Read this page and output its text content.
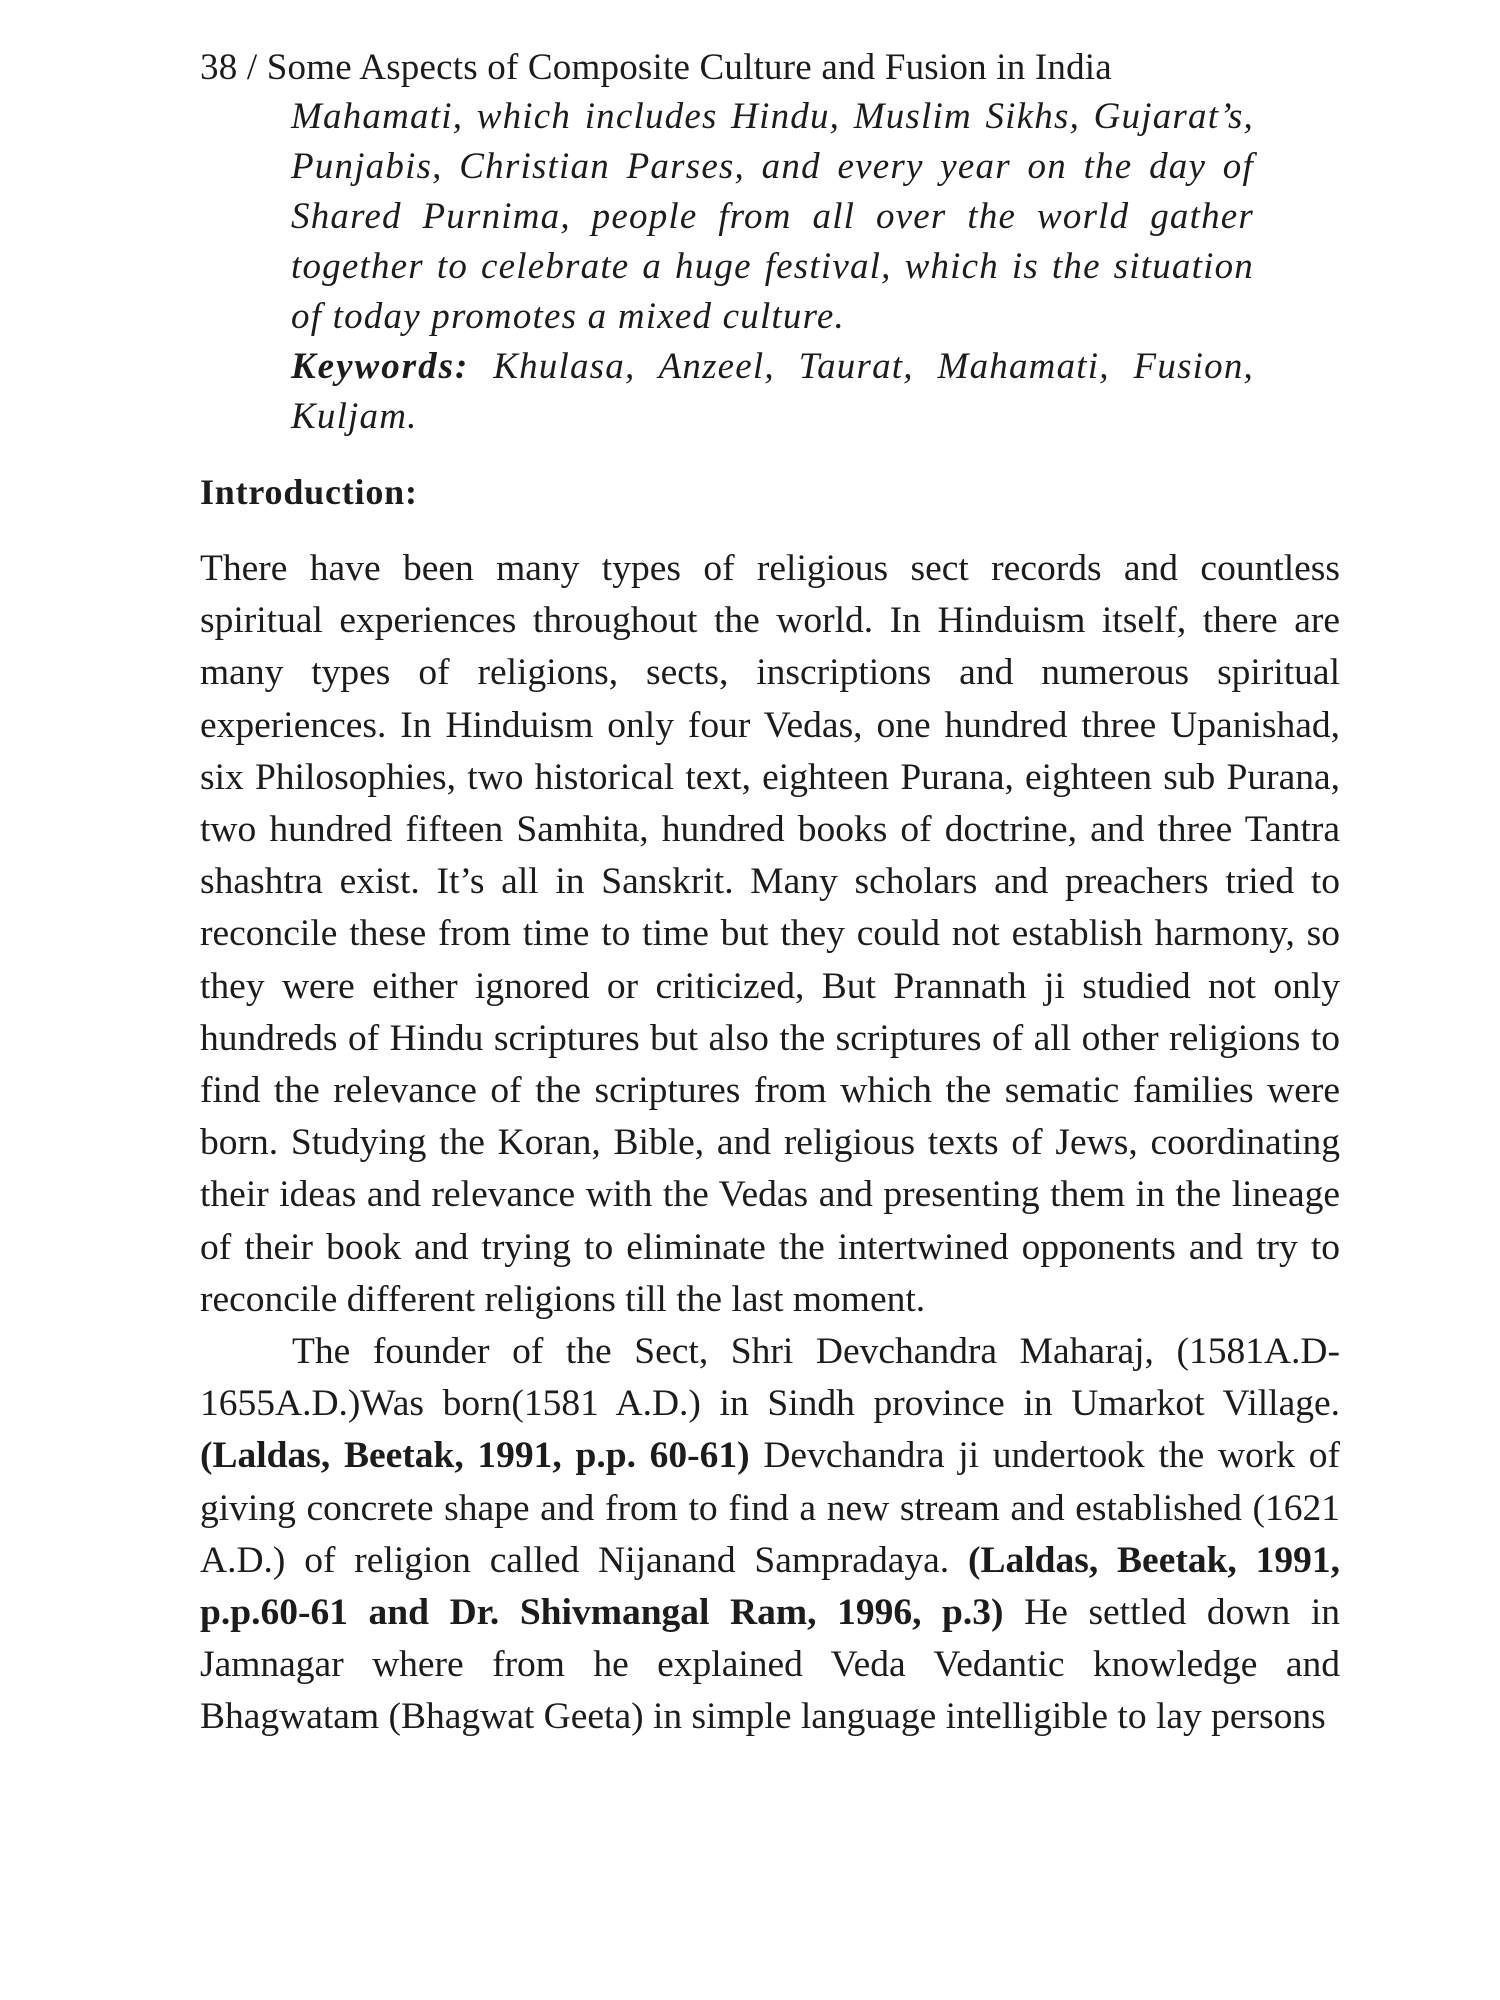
38 / Some Aspects of Composite Culture and Fusion in India

Mahamati, which includes Hindu, Muslim Sikhs, Gujarat’s, Punjabis, Christian Parses, and every year on the day of Shared Purnima, people from all over the world gather together to celebrate a huge festival, which is the situation of today promotes a mixed culture.

Keywords: Khulasa, Anzeel, Taurat, Mahamati, Fusion, Kuljam.

Introduction:

There have been many types of religious sect records and countless spiritual experiences throughout the world. In Hinduism itself, there are many types of religions, sects, inscriptions and numerous spiritual experiences. In Hinduism only four Vedas, one hundred three Upanishad, six Philosophies, two historical text, eighteen Purana, eighteen sub Purana, two hundred fifteen Samhita, hundred books of doctrine, and three Tantra shashtra exist. It’s all in Sanskrit. Many scholars and preachers tried to reconcile these from time to time but they could not establish harmony, so they were either ignored or criticized, But Prannath ji studied not only hundreds of Hindu scriptures but also the scriptures of all other religions to find the relevance of the scriptures from which the sematic families were born. Studying the Koran, Bible, and religious texts of Jews, coordinating their ideas and relevance with the Vedas and presenting them in the lineage of their book and trying to eliminate the intertwined opponents and try to reconcile different religions till the last moment.

The founder of the Sect, Shri Devchandra Maharaj, (1581A.D-1655A.D.)Was born(1581 A.D.) in Sindh province in Umarkot Village. (Laldas, Beetak, 1991, p.p. 60-61) Devchandra ji undertook the work of giving concrete shape and from to find a new stream and established (1621 A.D.) of religion called Nijanand Sampradaya. (Laldas, Beetak, 1991, p.p.60-61 and Dr. Shivmangal Ram, 1996, p.3) He settled down in Jamnagar where from he explained Veda Vedantic knowledge and Bhagwatam (Bhagwat Geeta) in simple language intelligible to lay persons
